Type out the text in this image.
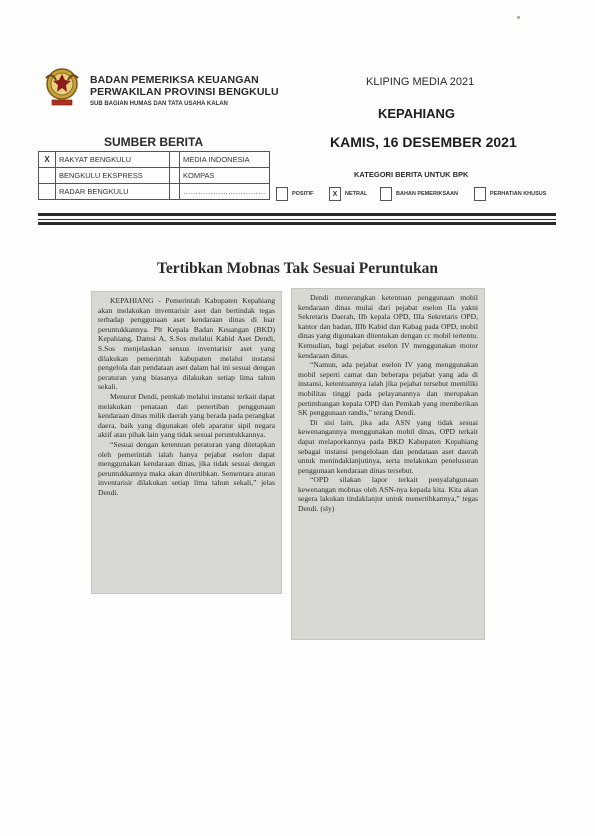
BADAN PEMERIKSA KEUANGAN
PERWAKILAN PROVINSI BENGKULU
SUB BAGIAN HUMAS DAN TATA USAHA KALAN
KLIPING MEDIA 2021
KEPAHIANG
KAMIS, 16 DESEMBER 2021
SUMBER BERITA
X	RAKYAT BENGKULU		MEDIA INDONESIA
	BENGKULU EKSPRESS		KOMPAS
	RADAR BENGKULU		……………………………
KATEGORI BERITA UNTUK BPK
POSITIF	X	NETRAL	BAHAN PEMERIKSAAN	PERHATIAN KHUSUS
Tertibkan Mobnas Tak Sesuai Peruntukan

KEPAHIANG - Pemerintah Kabupaten Kepahiang akan melakukan inventarisir aset dan bertindak tegas terhadap penggunaan aset kendaraan dinas di luar peruntukkannya. Plt Kepala Badan Keuangan (BKD) Kepahiang, Damsi A, S.Sos melalui Kabid Aset Dendi, S.Sos menjelaskan sensus inventarisir aset yang dilakukan pemerintah kabupaten melalui instansi pengelola dan pendataan aset dalam hal ini sesuai dengan peraturan yang biasanya dilakukan setiap lima tahun sekali.

Menurut Dendi, pemkab melalui instansi terkait dapat melakukan penataan dan penertiban penggunaan kendaraan dinas milik daerah yang berada pada perangkat daera, baik yang digunakan oleh aparatur sipil negara aktif atau pihak lain yang tidak sesuai peruntukkannya.

“Sesuai dengan ketentuan peraturan yang ditetapkan oleh pemerintah ialah hanya pejabat eselon dapat menggunakan kendaraan dinas, jika tidak sesuai dengan peruntukkannya maka akan ditertibkan. Sementara aturan inventarisir dilakukan setiap lima tahun sekali,” jelas Dendi.

Dendi menerangkan ketentuan penggunaan mobil kendaraan dinas mulai dari pejabat eselon IIa yakni Sekretaris Daerah, IIb kepala OPD, IIIa Sekretaris OPD, kantor dan badan, IIIb Kabid dan Kabag pada OPD, mobil dinas yang digunakan ditentukan dengan cc mobil tertentu. Kemudian, bagi pejabat eselon IV menggunakan motor kendaraan dinas.

“Namun, ada pejabat eselon IV yang menggunakan mobil seperti camat dan beberapa pejabat yang ada di instansi, ketentuannya ialah jika pejabat tersebut memiliki mobilitas tinggi pada pelayanannya dan merupakan pertimbangan kepala OPD dan Pemkab yang memberikan SK penggunaan randis,” terang Dendi.

Di sisi lain, jika ada ASN yang tidak sesuai kewenangannya menggunakan mobil dinas, OPD terkait dapat melaporkannya pada BKD Kabupaten Kepahiang sebagai instansi pengelolaan dan pendataan aset daerah untuk menindaklanjutinya, serta melakukan penelusuran penggunaan kendaraan dinas tersebut.

“OPD silakan lapor terkait penyalahgunaan kewenangan mobnas oleh ASN-nya kepada kita. Kita akan segera lakukan tindaklanjut untuk menertibkannya,” tegas Dendi. (sly)
